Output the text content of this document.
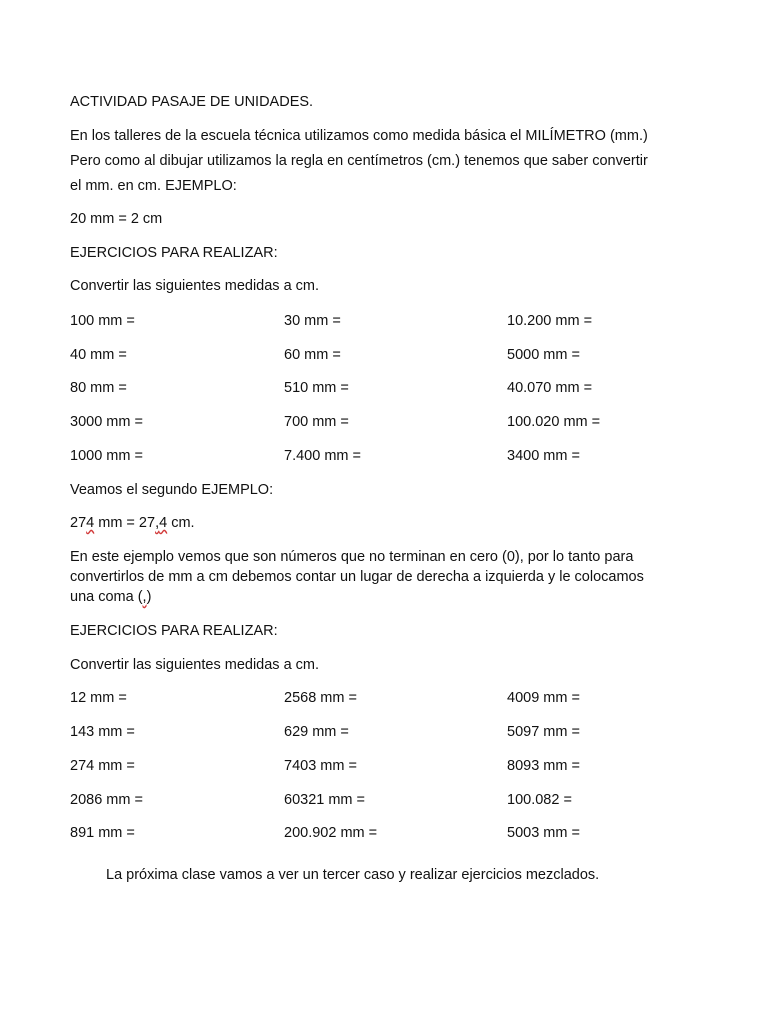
ACTIVIDAD PASAJE DE UNIDADES.
En los talleres de la escuela técnica utilizamos como medida básica el MILÍMETRO (mm.)
Pero como al dibujar utilizamos la regla en centímetros (cm.) tenemos que saber convertir
el mm. en cm. EJEMPLO:
20 mm = 2 cm
EJERCICIOS PARA REALIZAR:
Convertir las siguientes medidas a cm.
100 mm =	30 mm =	10.200 mm =
40 mm =	60 mm =	5000 mm =
80 mm =	510 mm =	40.070 mm =
3000 mm =	700 mm =	100.020 mm =
1000 mm =	7.400 mm =	3400 mm =
Veamos el segundo EJEMPLO:
274 mm = 27,4 cm.
En este ejemplo vemos que son números que no terminan en cero (0), por lo tanto para
convertirlos de mm a cm debemos contar un lugar de derecha a izquierda y le colocamos
una coma (,)
EJERCICIOS PARA REALIZAR:
Convertir las siguientes medidas a cm.
12 mm =	2568 mm =	4009 mm =
143 mm =	629 mm =	5097 mm =
274 mm =	7403 mm =	8093 mm =
2086 mm =	60321 mm =	100.082 =
891 mm =	200.902 mm =	5003 mm =
La próxima clase vamos a ver un tercer caso y realizar ejercicios mezclados.
